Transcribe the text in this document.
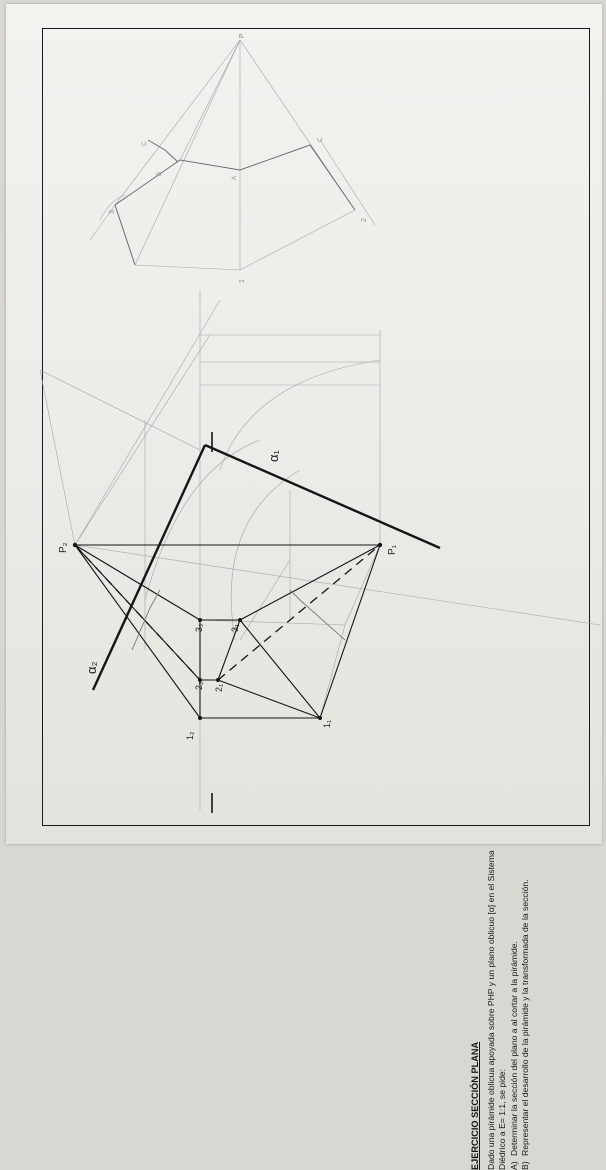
P₂	P₁
1₂
2₂
3₂
1₁
2₁
3₁
α₂
α₁
P
1
2
3
A
B
C
C
EJERCICIO SECCIÓN PLANA Dado una pirámide oblicua apoyada sobre PHP y un plano oblicuo [α] en el Sistema Diédrico a E= 1:1, se pide: A)
Determinar la sección del plano a al cortar a la pirámide.
B)
Representar el desarrollo de la pirámide y la transformada de la sección.
